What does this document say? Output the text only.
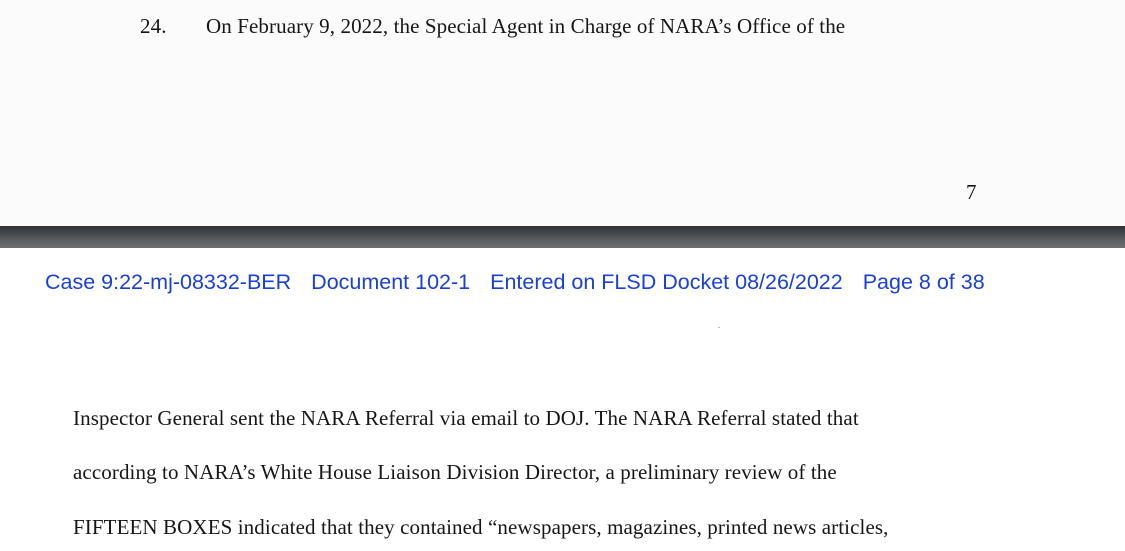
24. On February 9, 2022, the Special Agent in Charge of NARA’s Office of the
7
Case 9:22-mj-08332-BER Document 102-1 Entered on FLSD Docket 08/26/2022 Page 8 of 38
Inspector General sent the NARA Referral via email to DOJ. The NARA Referral stated that
according to NARA’s White House Liaison Division Director, a preliminary review of the
FIFTEEN BOXES indicated that they contained “newspapers, magazines, printed news articles,
